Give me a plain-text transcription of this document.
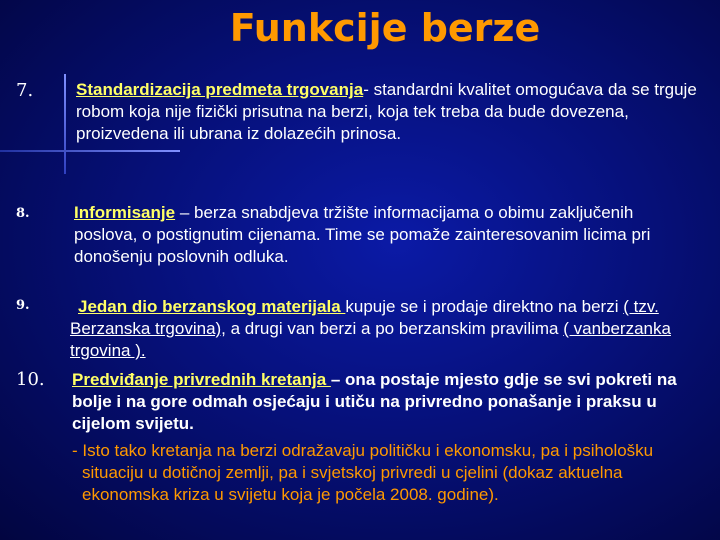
Funkcije berze
7.	Standardizacija predmeta trgovanja- standardni kvalitet omogućava da se trguje robom koja nije fizički prisutna na berzi, koja tek treba da bude dovezena, proizvedena ili ubrana iz dolazećih prinosa.
8.	Informisanje – berza snabdjeva tržište informacijama o obimu zaključenih poslova, o postignutim cijenama. Time se pomaže zainteresovanim licima pri donošenju poslovnih odluka.
9.	Jedan dio berzanskog materijala kupuje se i prodaje direktno na berzi ( tzv. Berzanska trgovina), a drugi van berzi a po berzanskim pravilima ( vanberzanka trgovina ).
10. Predviđanje privrednih kretanja – ona postaje mjesto gdje se svi pokreti na bolje i na gore odmah osjećaju i utiču na privredno ponašanje i praksu u cijelom svijetu.
- Isto tako kretanja na berzi odražavaju političku i ekonomsku, pa i psihološku situaciju u dotičnoj zemlji, pa i svjetskoj privredi u cjelini (dokaz aktuelna ekonomska kriza u svijetu koja je počela 2008. godine).
